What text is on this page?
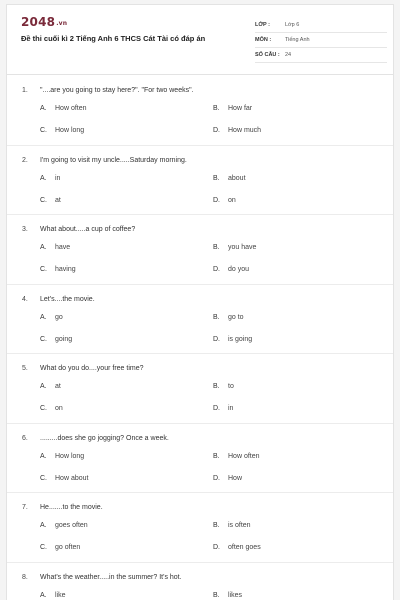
2048.vn
Đề thi cuối kì 2 Tiếng Anh 6 THCS Cát Tài có đáp án
LỚP :	Lớp 6
MÔN :	Tiếng Anh
SỐ CÂU : 24
1. "....are you going to stay here?". "For two weeks".
A. How often	B. How far
C. How long	D. How much
2. I'm going to visit my uncle.....Saturday morning.
A. in	B. about
C. at	D. on
3. What about.....a cup of coffee?
A. have	B. you have
C. having	D. do you
4. Let's....the movie.
A. go	B. go to
C. going	D. is going
5. What do you do....your free time?
A. at	B. to
C. on	D. in
6. .........does she go jogging? Once a week.
A. How long	B. How often
C. How about	D. How
7. He.......to the movie.
A. goes often	B. is often
C. go often	D. often goes
8. What's the weather.....in the summer? It's hot.
A. like	B. likes
